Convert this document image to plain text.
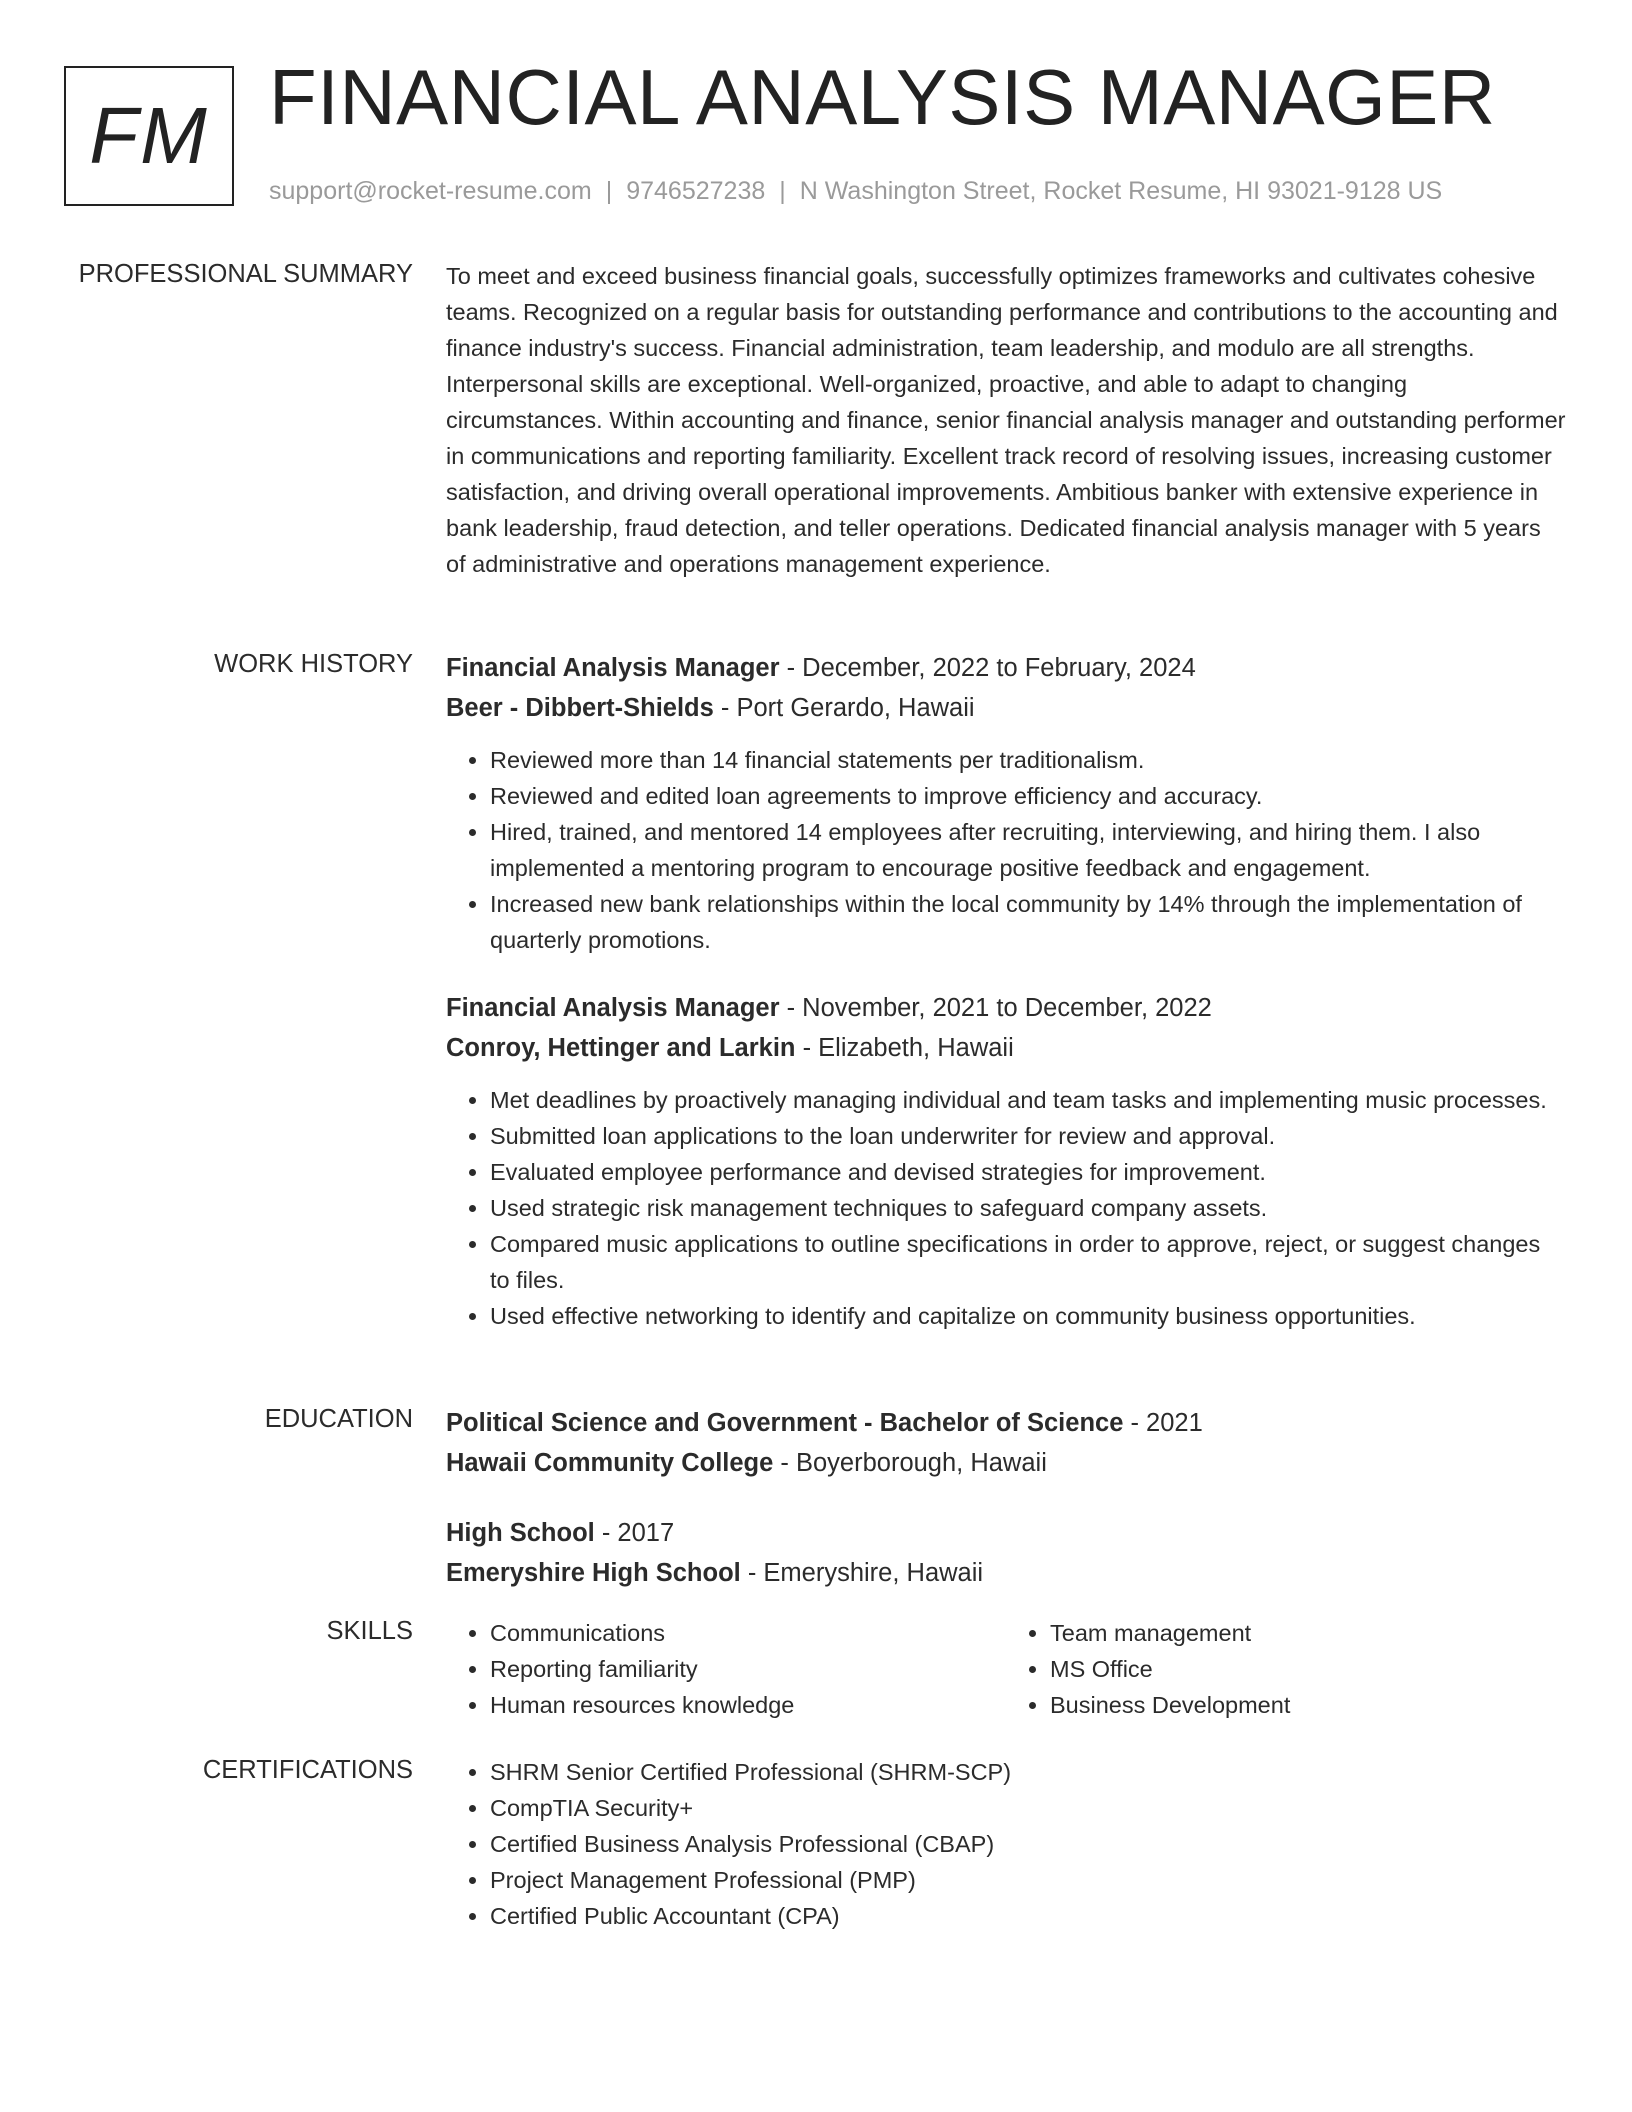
FM FINANCIAL ANALYSIS MANAGER
support@rocket-resume.com | 9746527238 | N Washington Street, Rocket Resume, HI 93021-9128 US
PROFESSIONAL SUMMARY To meet and exceed business financial goals, successfully optimizes frameworks and cultivates cohesive teams. Recognized on a regular basis for outstanding performance and contributions to the accounting and finance industry's success. Financial administration, team leadership, and modulo are all strengths. Interpersonal skills are exceptional. Well-organized, proactive, and able to adapt to changing circumstances. Within accounting and finance, senior financial analysis manager and outstanding performer in communications and reporting familiarity. Excellent track record of resolving issues, increasing customer satisfaction, and driving overall operational improvements. Ambitious banker with extensive experience in bank leadership, fraud detection, and teller operations. Dedicated financial analysis manager with 5 years of administrative and operations management experience.

WORK HISTORY Financial Analysis Manager - December, 2022 to February, 2024
Beer - Dibbert-Shields - Port Gerardo, Hawaii
• Reviewed more than 14 financial statements per traditionalism.
• Reviewed and edited loan agreements to improve efficiency and accuracy.
• Hired, trained, and mentored 14 employees after recruiting, interviewing, and hiring them. I also implemented a mentoring program to encourage positive feedback and engagement.
• Increased new bank relationships within the local community by 14% through the implementation of quarterly promotions.
Financial Analysis Manager - November, 2021 to December, 2022
Conroy, Hettinger and Larkin - Elizabeth, Hawaii
• Met deadlines by proactively managing individual and team tasks and implementing music processes.
• Submitted loan applications to the loan underwriter for review and approval.
• Evaluated employee performance and devised strategies for improvement.
• Used strategic risk management techniques to safeguard company assets.
• Compared music applications to outline specifications in order to approve, reject, or suggest changes to files.
• Used effective networking to identify and capitalize on community business opportunities.
EDUCATION Political Science and Government - Bachelor of Science - 2021
Hawaii Community College - Boyerborough, Hawaii
High School - 2017
Emeryshire High School - Emeryshire, Hawaii
SKILLS	• Communications
• Reporting familiarity
• Human resources knowledge
• Team management
• MS Office
• Business Development
CERTIFICATIONS	• SHRM Senior Certified Professional (SHRM-SCP)
• CompTIA Security+
• Certified Business Analysis Professional (CBAP)
• Project Management Professional (PMP)
• Certified Public Accountant (CPA)
